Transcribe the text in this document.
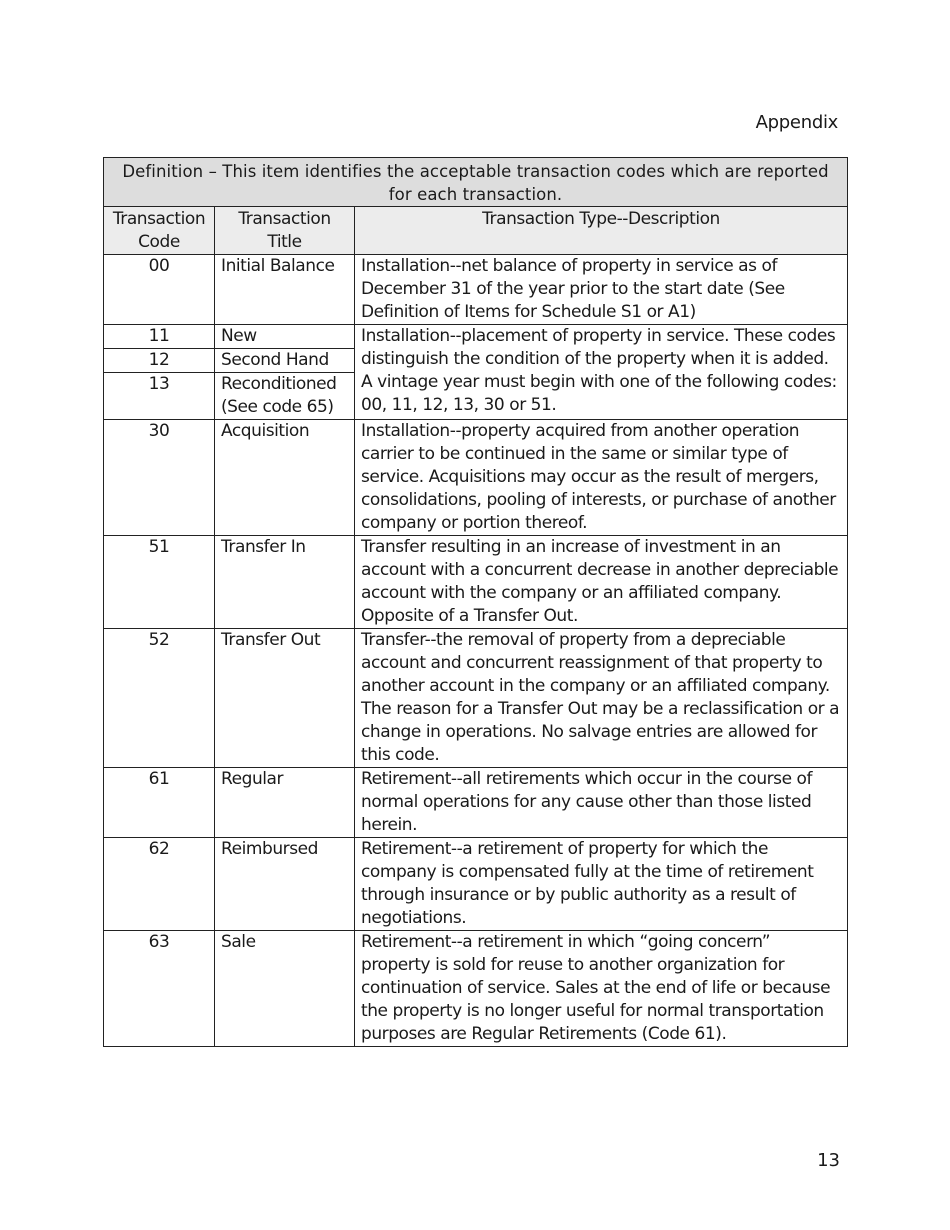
Appendix
Definition – This item identifies the acceptable transaction codes which are reported for each transaction.		
Transaction Code	Transaction Title	Transaction Type--Description
00	Initial Balance	Installation--net balance of property in service as of December 31 of the year prior to the start date (See Definition of Items for Schedule S1 or A1)
11	New	Installation--placement of property in service. These codes distinguish the condition of the property when it is added. A vintage year must begin with one of the following codes: 00, 11, 12, 13, 30 or 51.
12	Second Hand	
13	Reconditioned (See code 65)	
30	Acquisition	Installation--property acquired from another operation carrier to be continued in the same or similar type of service. Acquisitions may occur as the result of mergers, consolidations, pooling of interests, or purchase of another company or portion thereof.
51	Transfer In	Transfer resulting in an increase of investment in an account with a concurrent decrease in another depreciable account with the company or an affiliated company. Opposite of a Transfer Out.
52	Transfer Out	Transfer--the removal of property from a depreciable account and concurrent reassignment of that property to another account in the company or an affiliated company. The reason for a Transfer Out may be a reclassification or a change in operations. No salvage entries are allowed for this code.
61	Regular	Retirement--all retirements which occur in the course of normal operations for any cause other than those listed herein.
62	Reimbursed	Retirement--a retirement of property for which the company is compensated fully at the time of retirement through insurance or by public authority as a result of negotiations.
63	Sale	Retirement--a retirement in which “going concern” property is sold for reuse to another organization for continuation of service. Sales at the end of life or because the property is no longer useful for normal transportation purposes are Regular Retirements (Code 61).
13
